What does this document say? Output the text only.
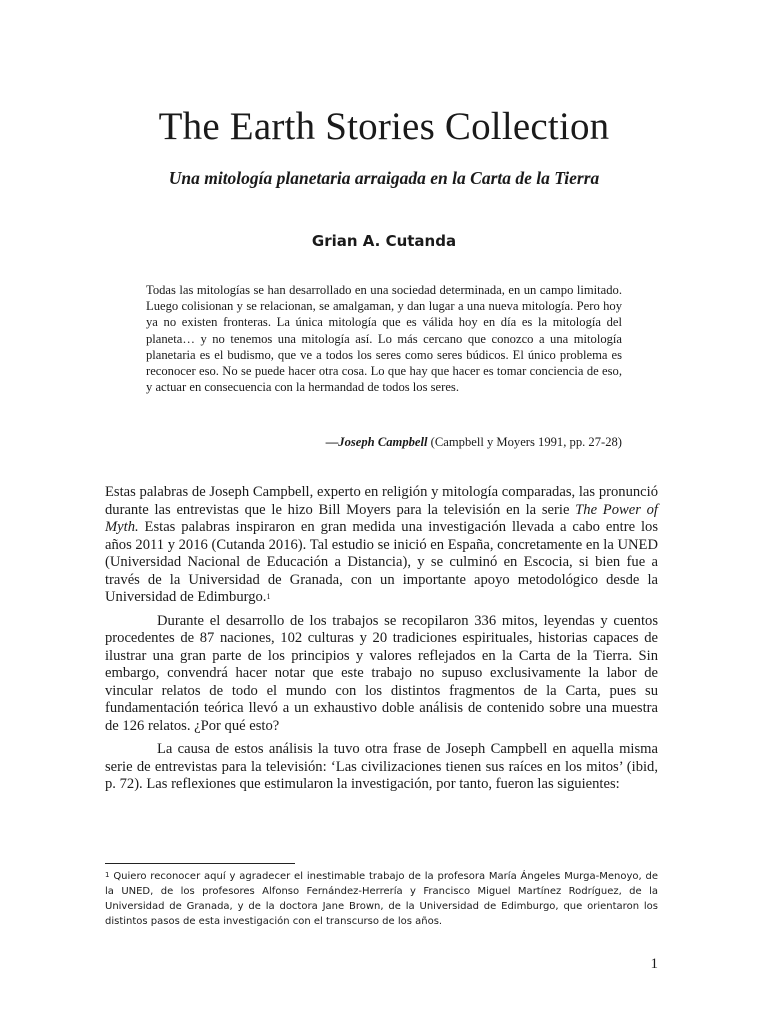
The Earth Stories Collection
Una mitología planetaria arraigada en la Carta de la Tierra
Grian A. Cutanda

Todas las mitologías se han desarrollado en una sociedad determinada, en un campo limitado. Luego colisionan y se relacionan, se amalgaman, y dan lugar a una nueva mitología. Pero hoy ya no existen fronteras. La única mitología que es válida hoy en día es la mitología del planeta… y no tenemos una mitología así. Lo más cercano que conozco a una mitología planetaria es el budismo, que ve a todos los seres como seres búdicos. El único problema es reconocer eso. No se puede hacer otra cosa. Lo que hay que hacer es tomar conciencia de eso, y actuar en consecuencia con la hermandad de todos los seres.

—Joseph Campbell (Campbell y Moyers 1991, pp. 27-28)

Estas palabras de Joseph Campbell, experto en religión y mitología comparadas, las pronunció durante las entrevistas que le hizo Bill Moyers para la televisión en la serie The Power of Myth. Estas palabras inspiraron en gran medida una investigación llevada a cabo entre los años 2011 y 2016 (Cutanda 2016). Tal estudio se inició en España, concretamente en la UNED (Universidad Nacional de Educación a Distancia), y se culminó en Escocia, si bien fue a través de la Universidad de Granada, con un importante apoyo metodológico desde la Universidad de Edimburgo.$^1$

Durante el desarrollo de los trabajos se recopilaron 336 mitos, leyendas y cuentos procedentes de 87 naciones, 102 culturas y 20 tradiciones espirituales, historias capaces de ilustrar una gran parte de los principios y valores reflejados en la Carta de la Tierra. Sin embargo, convendrá hacer notar que este trabajo no supuso exclusivamente la labor de vincular relatos de todo el mundo con los distintos fragmentos de la Carta, pues su fundamentación teórica llevó a un exhaustivo doble análisis de contenido sobre una muestra de 126 relatos. ¿Por qué esto?

La causa de estos análisis la tuvo otra frase de Joseph Campbell en aquella misma serie de entrevistas para la televisión: ‘Las civilizaciones tienen sus raíces en los mitos’ (ibid, p. 72). Las reflexiones que estimularon la investigación, por tanto, fueron las siguientes:

$^1$ Quiero reconocer aquí y agradecer el inestimable trabajo de la profesora María Ángeles Murga-Menoyo, de la UNED, de los profesores Alfonso Fernández-Herrería y Francisco Miguel Martínez Rodríguez, de la Universidad de Granada, y de la doctora Jane Brown, de la Universidad de Edimburgo, que orientaron los distintos pasos de esta investigación con el transcurso de los años.

1
